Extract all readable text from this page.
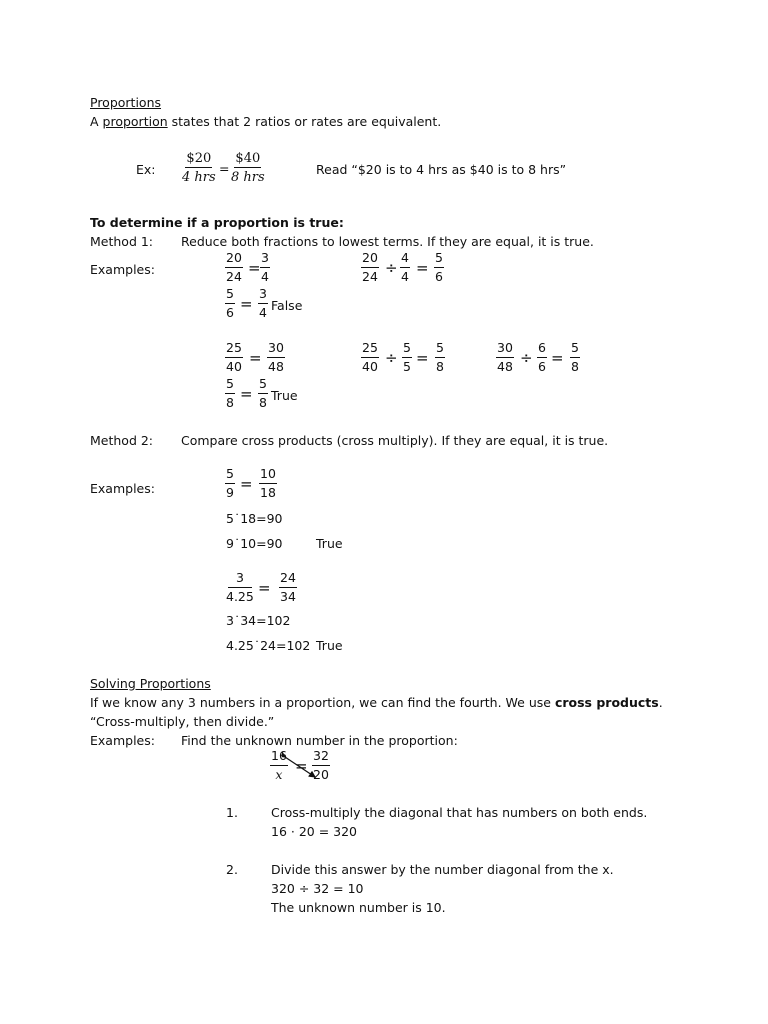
Proportions
A proportion states that 2 ratios or rates are equivalent.
Ex:
$20
4 hrs
=
$40
8 hrs
Read “$20 is to 4 hrs as $40 is to 8 hrs”
To determine if a proportion is true:
Method 1: Reduce both fractions to lowest terms. If they are equal, it is true.
Examples:	$\frac{20}{24} = \frac{3}{4}$	$\frac{20}{24} \div \frac{4}{4} = \frac{5}{6}$
$\frac{5}{6} = \frac{3}{4}$ False
$\frac{25}{40} = \frac{30}{48}$	$\frac{25}{40} \div \frac{5}{5} = \frac{5}{8}$	$\frac{30}{48} \div \frac{6}{6} = \frac{5}{8}$
$\frac{5}{8} = \frac{5}{8}$ True
Method 2: Compare cross products (cross multiply). If they are equal, it is true.
Examples:	$\frac{5}{9} = \frac{10}{18}$
5˙18=90
9˙10=90	True
$\frac{3}{4.25} = \frac{24}{34}$
3˙34=102
4.25˙24=102 True
Solving Proportions
If we know any 3 numbers in a proportion, we can find the fourth. We use cross products.
“Cross-multiply, then divide.”
Examples: Find the unknown number in the proportion:
$\frac{16}{x} = \frac{32}{20}$
1.	Cross-multiply the diagonal that has numbers on both ends.
16 · 20 = 320
2.	Divide this answer by the number diagonal from the x.
320 ÷ 32 = 10
The unknown number is 10.
